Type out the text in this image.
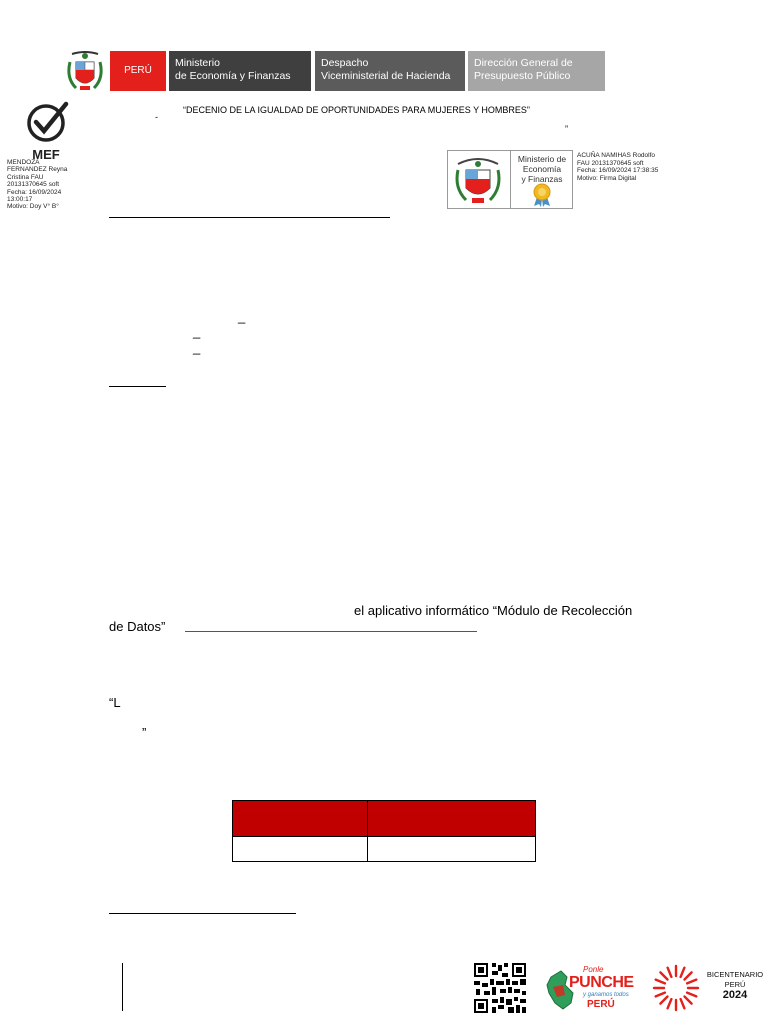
PERÚ
Ministerio
de Economía y Finanzas
Despacho
Viceministerial de Hacienda
Dirección General de
Presupuesto Público
“DECENIO DE LA IGUALDAD DE OPORTUNIDADES PARA MUJERES Y HOMBRES”
-
”
MEF
MENDOZA
FERNANDEZ Reyna
Cristina FAU
20131370645 soft
Fecha: 16/09/2024
13:00:17
Motivo: Doy V° B°
Ministerio de
Economía
y Finanzas
ACUÑA NAMIHAS Rodolfo
FAU 20131370645 soft
Fecha: 16/09/2024 17:38:35
Motivo: Firma Digital
_
_
_
el aplicativo informático “Módulo de Recolección
de Datos”
“L
”

Ponle
PUNCHE
y ganamos todos
PERÚ
BICENTENARIO
PERÚ
2024
